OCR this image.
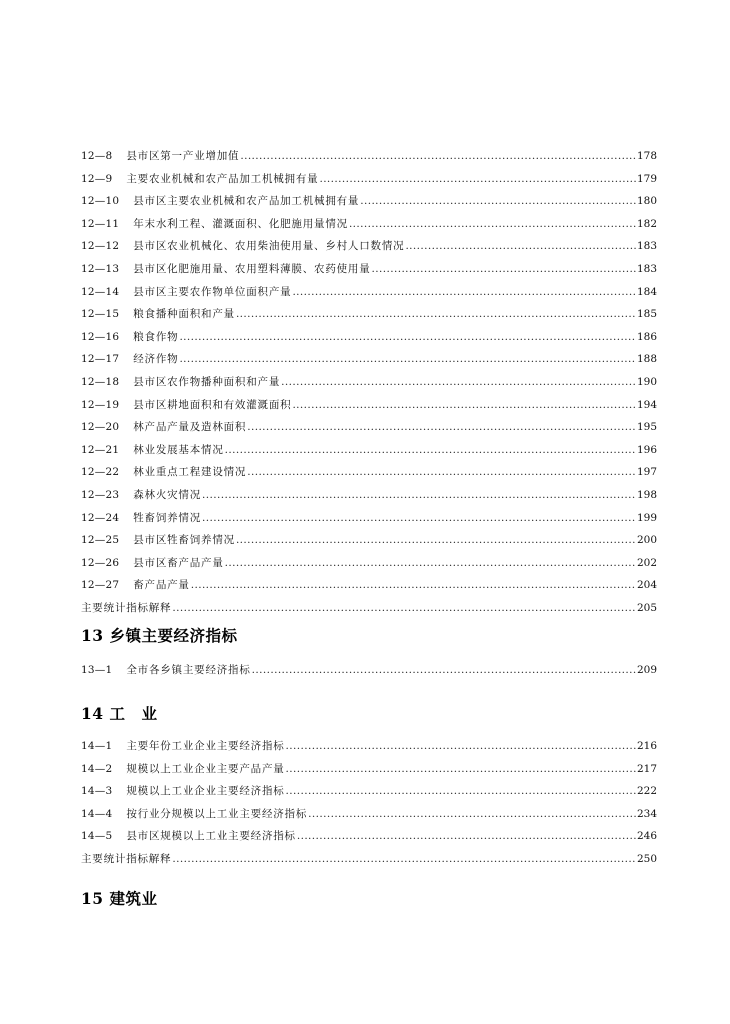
12—8 县市区第一产业增加值 .....	178
12—9 主要农业机械和农产品加工机械拥有量 .....	179
12—10 县市区主要农业机械和农产品加工机械拥有量 .....	180
12—11 年末水利工程、灌溉面积、化肥施用量情况 .....	182
12—12 县市区农业机械化、农用柴油使用量、乡村人口数情况 .....	183
12—13 县市区化肥施用量、农用塑料薄膜、农药使用量 .....	183
12—14 县市区主要农作物单位面积产量 .....	184
12—15 粮食播种面积和产量 .....	185
12—16 粮食作物 .....	186
12—17 经济作物 .....	188
12—18 县市区农作物播种面积和产量 .....	190
12—19 县市区耕地面积和有效灌溉面积 .....	194
12—20 林产品产量及造林面积 .....	195
12—21 林业发展基本情况 .....	196
12—22 林业重点工程建设情况 .....	197
12—23 森林火灾情况 .....	198
12—24 牲畜饲养情况 .....	199
12—25 县市区牲畜饲养情况 .....	200
12—26 县市区畜产品产量 .....	202
12—27 畜产品产量 .....	204
主要统计指标解释 .....	205
13 乡镇主要经济指标
13—1 全市各乡镇主要经济指标 .....	209
14 工　业
14—1 主要年份工业企业主要经济指标 .....	216
14—2 规模以上工业企业主要产品产量 .....	217
14—3 规模以上工业企业主要经济指标 .....	222
14—4 按行业分规模以上工业主要经济指标 .....	234
14—5 县市区规模以上工业主要经济指标 .....	246
主要统计指标解释 .....	250
15 建筑业
